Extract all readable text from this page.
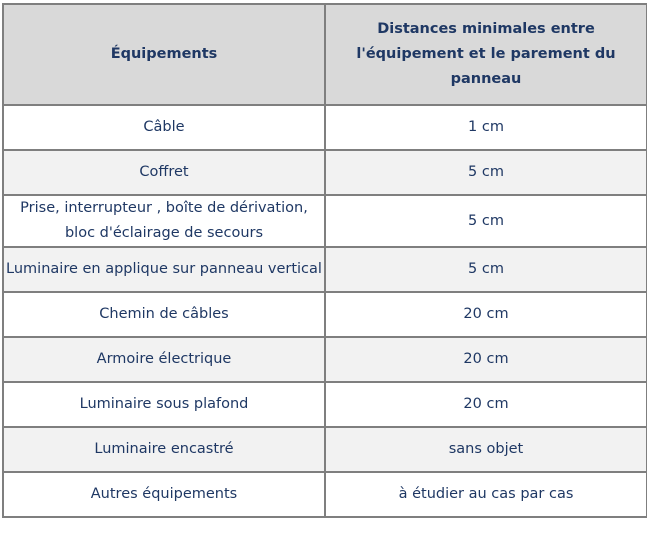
Équipements	Distances minimales entre l'équipement et le parement du panneau
Câble	1 cm
Coffret	5 cm
Prise, interrupteur , boîte de dérivation, bloc d'éclairage de secours	5 cm
Luminaire en applique sur panneau vertical	5 cm
Chemin de câbles	20 cm
Armoire électrique	20 cm
Luminaire sous plafond	20 cm
Luminaire encastré	sans objet
Autres équipements	à étudier au cas par cas
